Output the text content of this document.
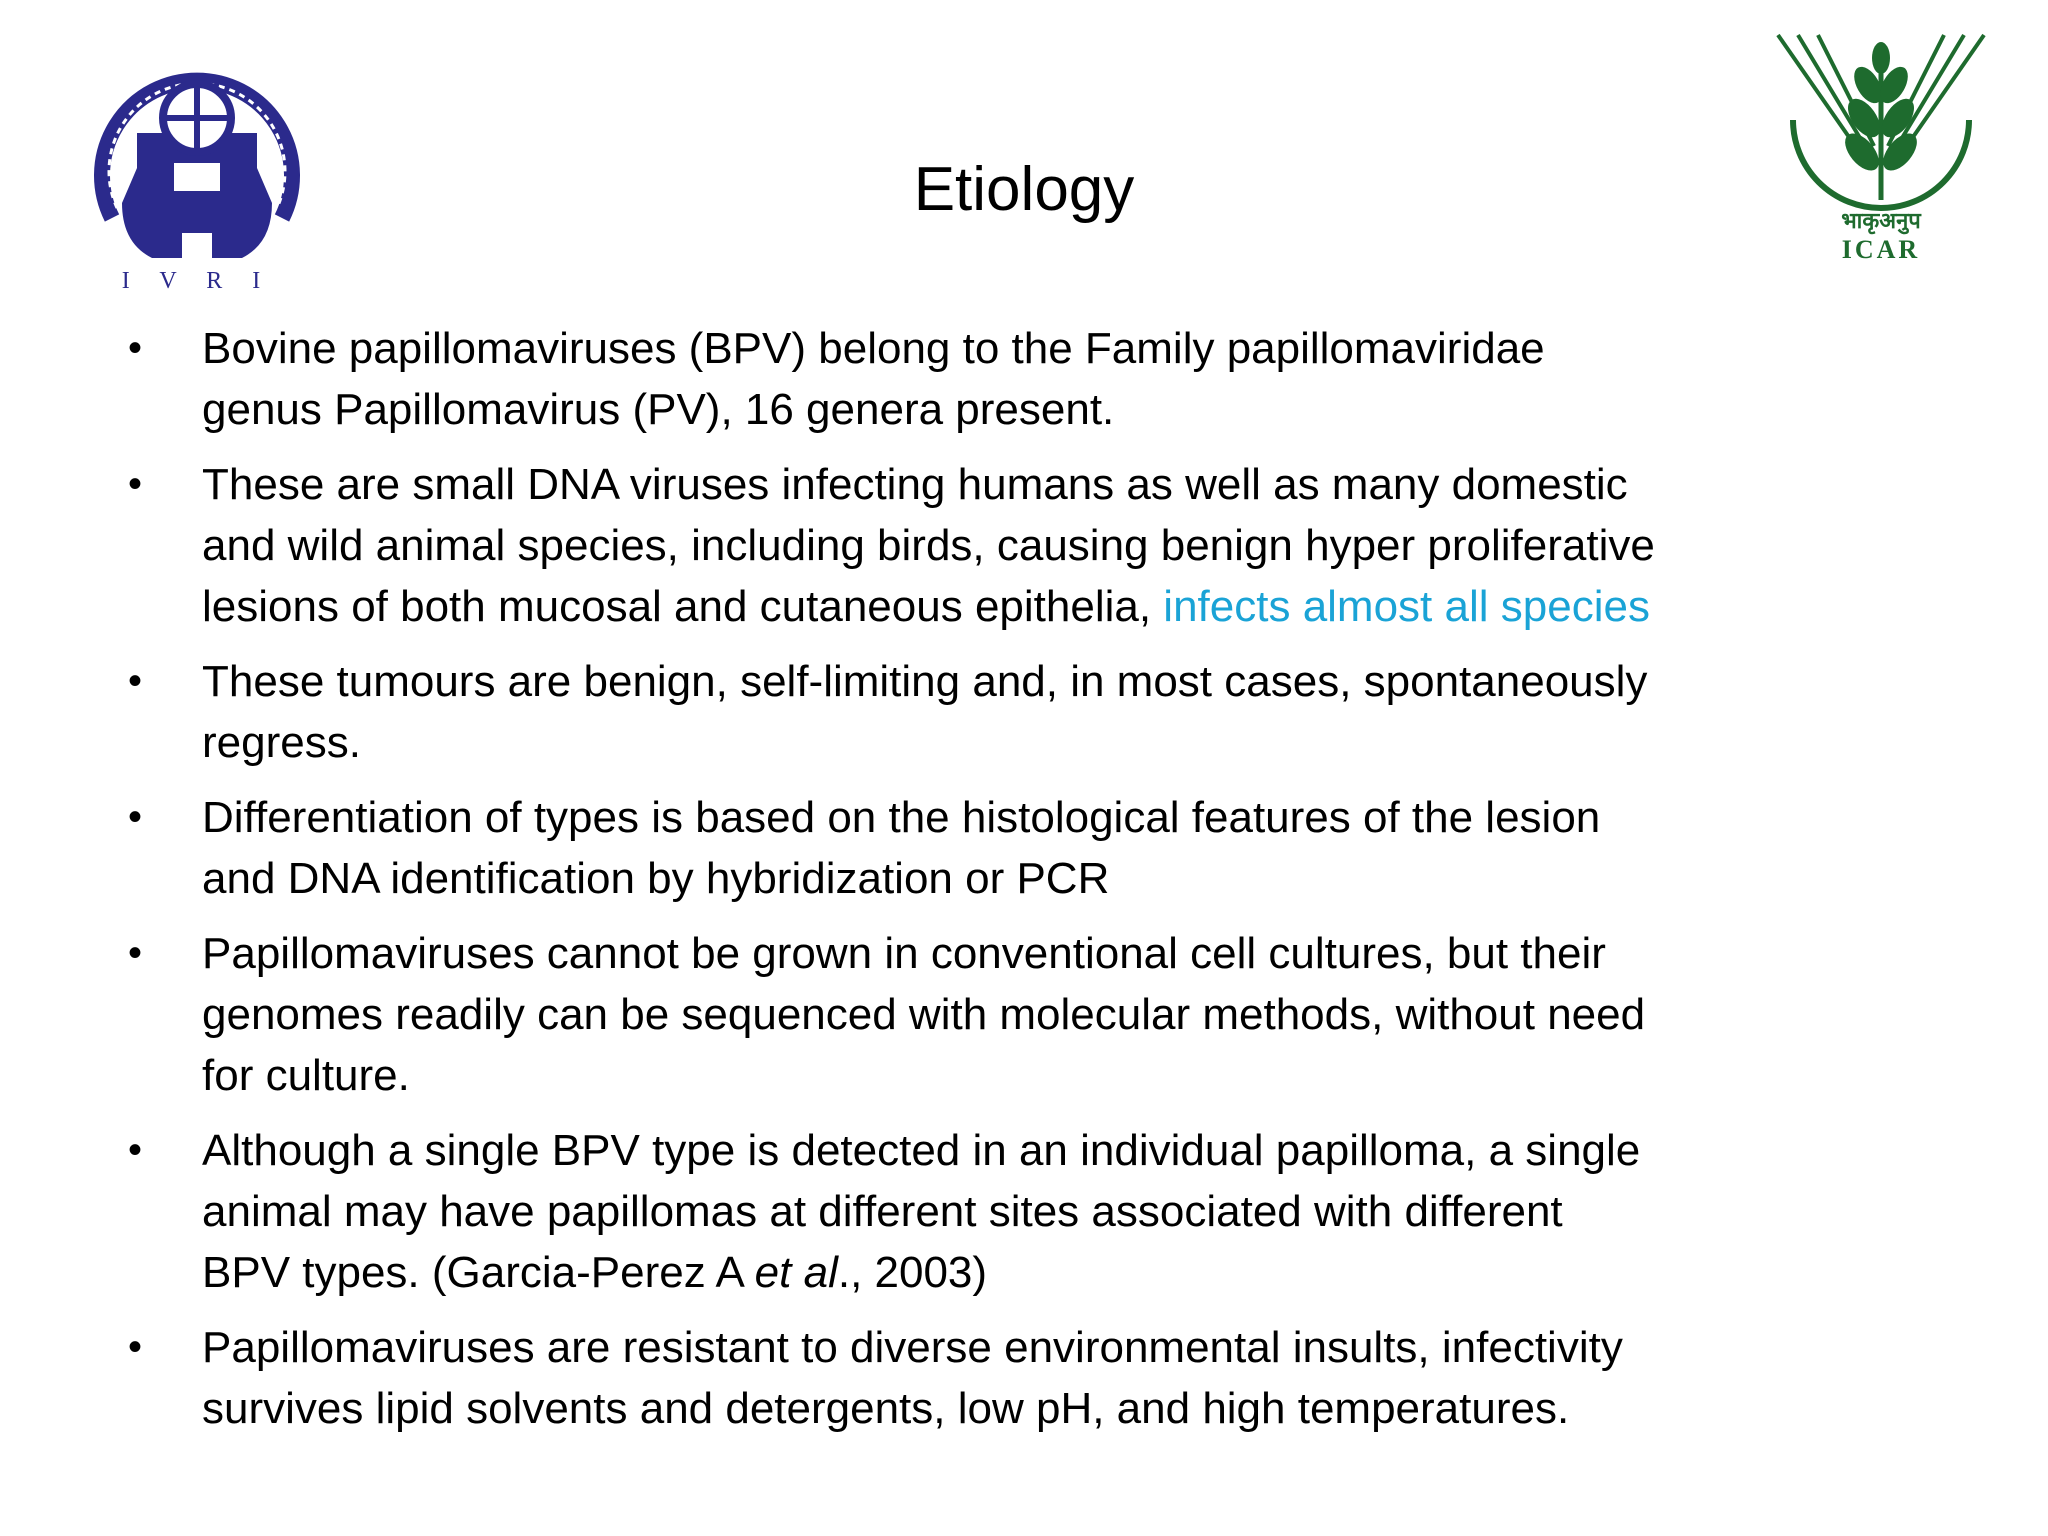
I V R I
भाकृअनुप
ICAR
Etiology
• Bovine papillomaviruses (BPV) belong to the Family papillomaviridae
genus Papillomavirus (PV), 16 genera present.
• These are small DNA viruses infecting humans as well as many domestic
and wild animal species, including birds, causing benign hyper proliferative
lesions of both mucosal and cutaneous epithelia, infects almost all species
• These tumours are benign, self-limiting and, in most cases, spontaneously
regress.
• Differentiation of types is based on the histological features of the lesion
and DNA identification by hybridization or PCR
• Papillomaviruses cannot be grown in conventional cell cultures, but their
genomes readily can be sequenced with molecular methods, without need
for culture.
• Although a single BPV type is detected in an individual papilloma, a single
animal may have papillomas at different sites associated with different
BPV types. (Garcia-Perez A et al., 2003)
• Papillomaviruses are resistant to diverse environmental insults, infectivity
survives lipid solvents and detergents, low pH, and high temperatures.
